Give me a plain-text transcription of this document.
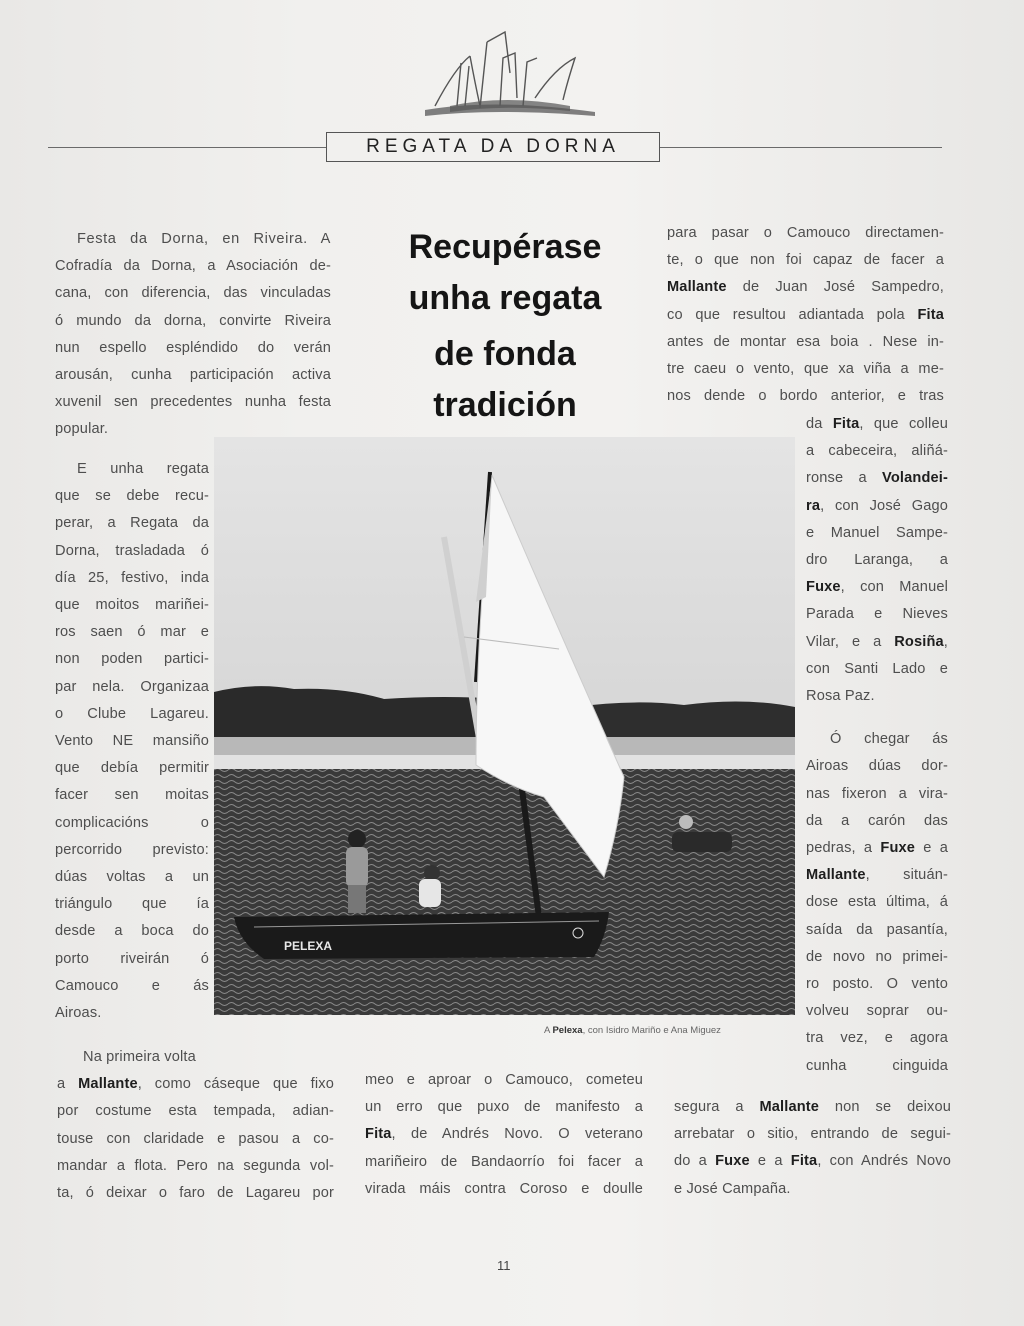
REGATA DA DORNA
Festa da Dorna, en Riveira. A
Cofradía da Dorna, a Asociación de-
cana, con diferencia, das vinculadas
ó mundo da dorna, convirte Riveira
nun espello espléndido do verán
arousán, cunha participación activa
xuvenil sen precedentes nunha festa
popular.
Recupérase
unha regata
de fonda
tradición
E unha regata
que se debe recu-
perar, a Regata da
Dorna, trasladada ó
día 25, festivo, inda
que moitos mariñei-
ros saen ó mar e
non poden partici-
par nela. Organizaa
o Clube Lagareu.
Vento NE mansiño
que debía permitir
facer sen moitas
complicacións o
percorrido previsto:
dúas voltas a un
triángulo que ía
desde a boca do
porto riveirán ó
Camouco e ás
Airoas.
PELEXA
A Pelexa, con Isidro Mariño e Ana Miguez
para pasar o Camouco directamen-
te, o que non foi capaz de facer a
Mallante de Juan José Sampedro,
co que resultou adiantada pola Fita
antes de montar esa boia . Nese in-
tre caeu o vento, que xa viña a me-
nos dende o bordo anterior, e tras
da Fita, que colleu
a cabeceira, aliñá-
ronse a Volandei-
ra, con José Gago
e Manuel Sampe-
dro Laranga, a
Fuxe, con Manuel
Parada e Nieves
Vilar, e a Rosiña,
con Santi Lado e
Rosa Paz.
Ó chegar ás
Airoas dúas dor-
nas fixeron a vira-
da a carón das
pedras, a Fuxe e a
Mallante, situán-
dose esta última, á
saída da pasantía,
de novo no primei-
ro posto. O vento
volveu soprar ou-
tra vez, e agora
cunha cinguida
Na primeira volta
a Mallante, como cáseque que fixo
por costume esta tempada, adian-
touse con claridade e pasou a co-
mandar a flota. Pero na segunda vol-
ta, ó deixar o faro de Lagareu por
meo e aproar o Camouco, cometeu
un erro que puxo de manifesto a
Fita, de Andrés Novo. O veterano
mariñeiro de Bandaorrío foi facer a
virada máis contra Coroso e doulle
segura a Mallante non se deixou
arrebatar o sitio, entrando de segui-
do a Fuxe e a Fita, con Andrés Novo
e José Campaña.
11
